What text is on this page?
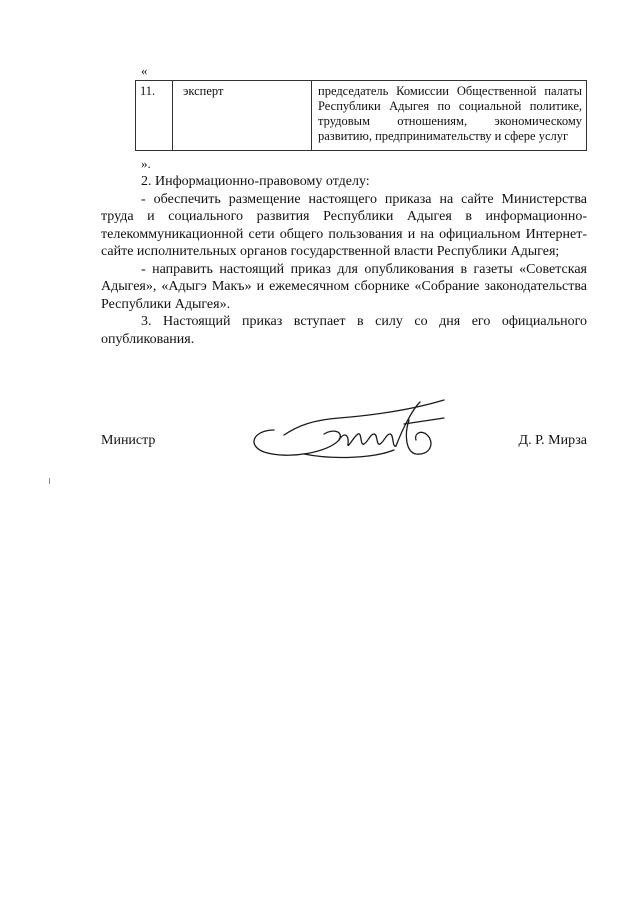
«
11.	эксперт	председатель Комиссии Общественной палаты Республики Адыгея по социальной политике, трудовым отношениям, экономическому развитию, предпринимательству и сфере услуг
».

2. Информационно-правовому отделу:

- обеспечить размещение настоящего приказа на сайте Министерства труда и социального развития Республики Адыгея в информационно-телекоммуникационной сети общего пользования и на официальном Интернет-сайте исполнительных органов государственной власти Республики Адыгея;

- направить настоящий приказ для опубликования в газеты «Советская Адыгея», «Адыгэ Макъ» и ежемесячном сборнике «Собрание законодательства Республики Адыгея».

3. Настоящий приказ вступает в силу со дня его официального опубликования.

Министр	Д. Р. Мирза
